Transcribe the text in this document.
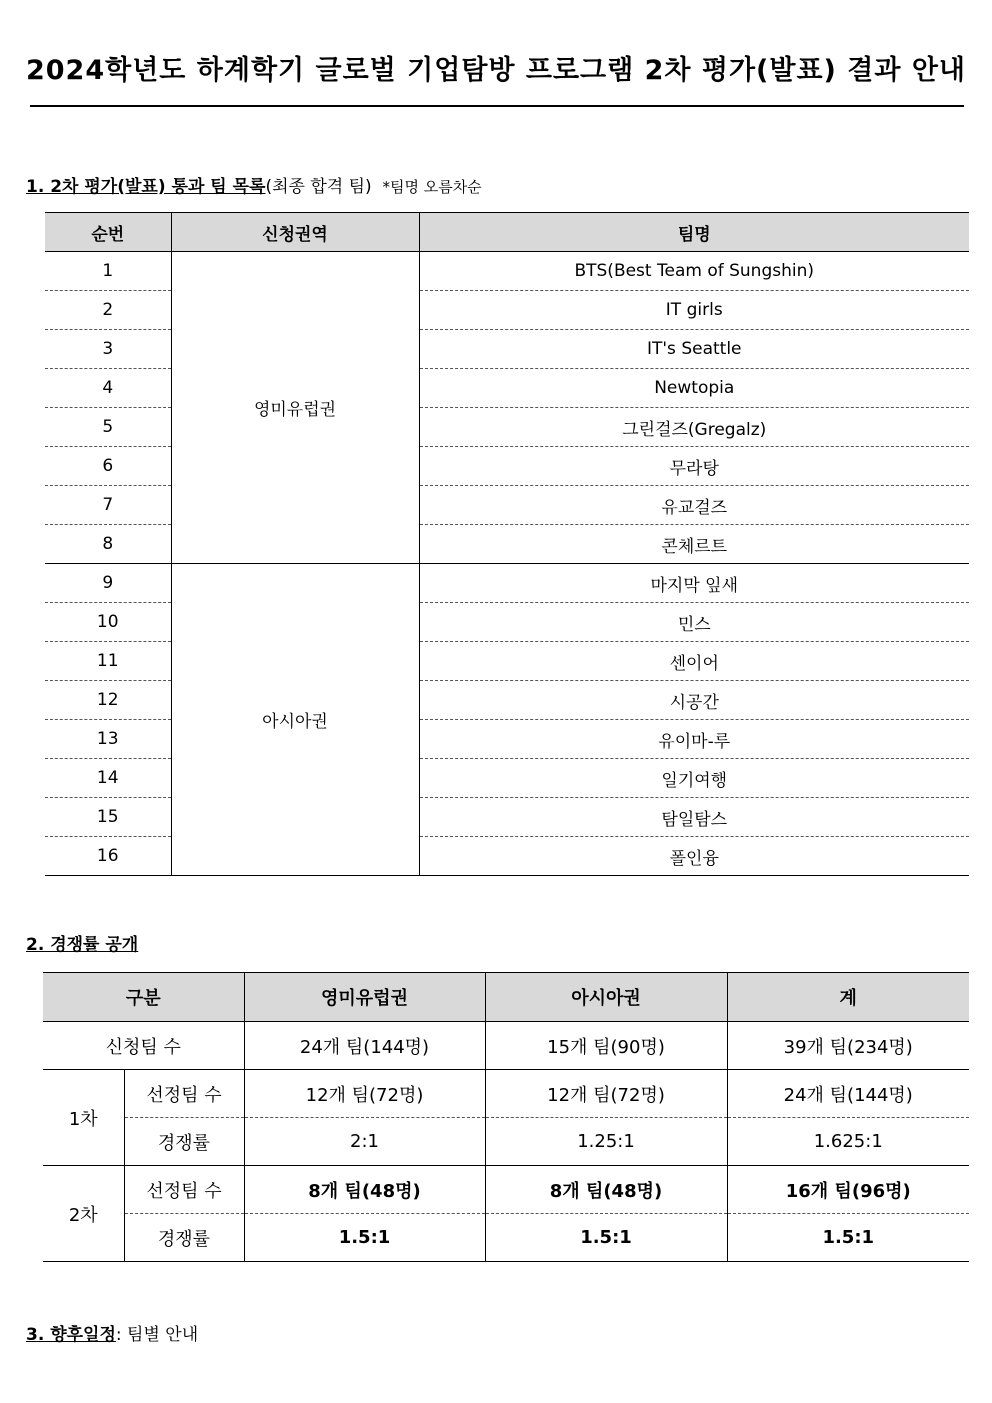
2024학년도 하계학기 글로벌 기업탐방 프로그램 2차 평가(발표) 결과 안내
1. 2차 평가(발표) 통과 팀 목록(최종 합격 팀) *팀명 오름차순
순번	신청권역	팀명
1	영미유럽권	BTS(Best Team of Sungshin)
2		IT girls
3		IT's Seattle
4		Newtopia
5		그린걸즈(Gregalz)
6		무라탕
7		유교걸즈
8		콘체르트
9	아시아권	마지막 잎새
10		민스
11		센이어
12		시공간
13		유이마-루
14		일기여행
15		탐일탐스
16		폴인융
2. 경쟁률 공개
구분		영미유럽권	아시아권	계
신청팀 수		24개 팀(144명)	15개 팀(90명)	39개 팀(234명)
1차	선정팀 수	12개 팀(72명)	12개 팀(72명)	24개 팀(144명)
	경쟁률	2:1	1.25:1	1.625:1
2차	선정팀 수	8개 팀(48명)	8개 팀(48명)	16개 팀(96명)
	경쟁률	1.5:1	1.5:1	1.5:1
3. 향후일정: 팀별 안내
